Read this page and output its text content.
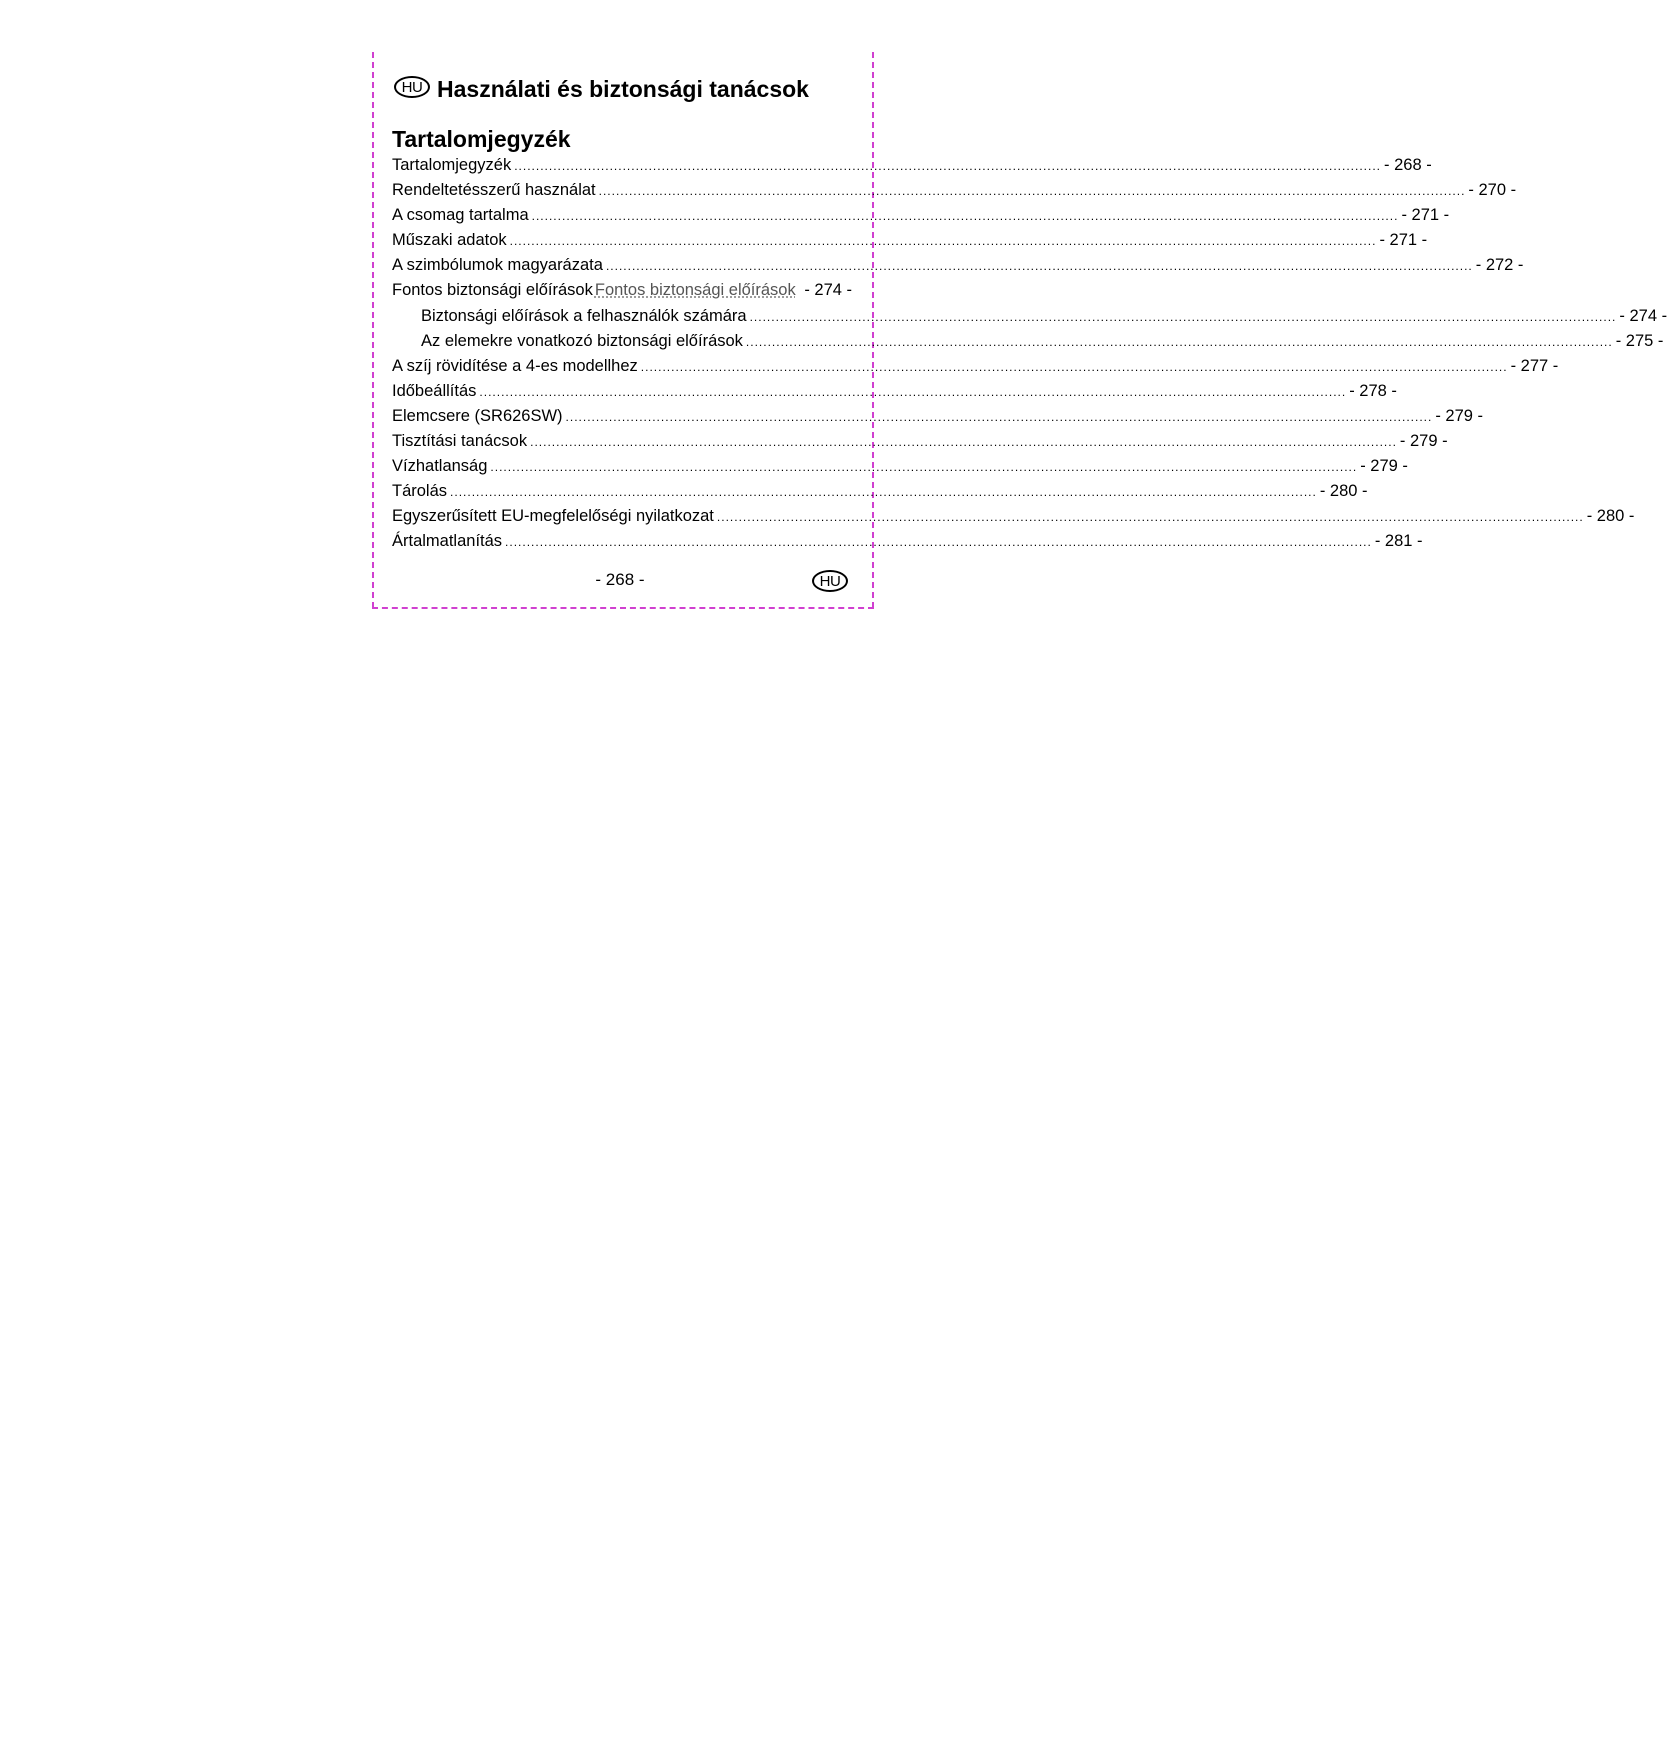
HU Használati és biztonsági tanácsok
Tartalomjegyzék
Tartalomjegyzék ........................................................................................................................................................................................................ - 268 -
Rendeltetésszerű használat ........................................................................................................................................................................................................ - 270 -
A csomag tartalma ........................................................................................................................................................................................................ - 271 -
Műszaki adatok ........................................................................................................................................................................................................ - 271 -
A szimbólumok magyarázata ........................................................................................................................................................................................................ - 272 -
Fontos biztonsági előírások Fontos biztonsági előírások - 274 -
Biztonsági előírások a felhasználók számára ........................................................................................................................................................................................................ - 274 -
Az elemekre vonatkozó biztonsági előírások ........................................................................................................................................................................................................ - 275 -
A szíj rövidítése a 4-es modellhez ........................................................................................................................................................................................................ - 277 -
Időbeállítás ........................................................................................................................................................................................................ - 278 -
Elemcsere (SR626SW) ........................................................................................................................................................................................................ - 279 -
Tisztítási tanácsok ........................................................................................................................................................................................................ - 279 -
Vízhatlanság ........................................................................................................................................................................................................ - 279 -
Tárolás ........................................................................................................................................................................................................ - 280 -
Egyszerűsített EU-megfelelőségi nyilatkozat ........................................................................................................................................................................................................ - 280 -
Ártalmatlanítás ........................................................................................................................................................................................................ - 281 -
- 268 -	HU
